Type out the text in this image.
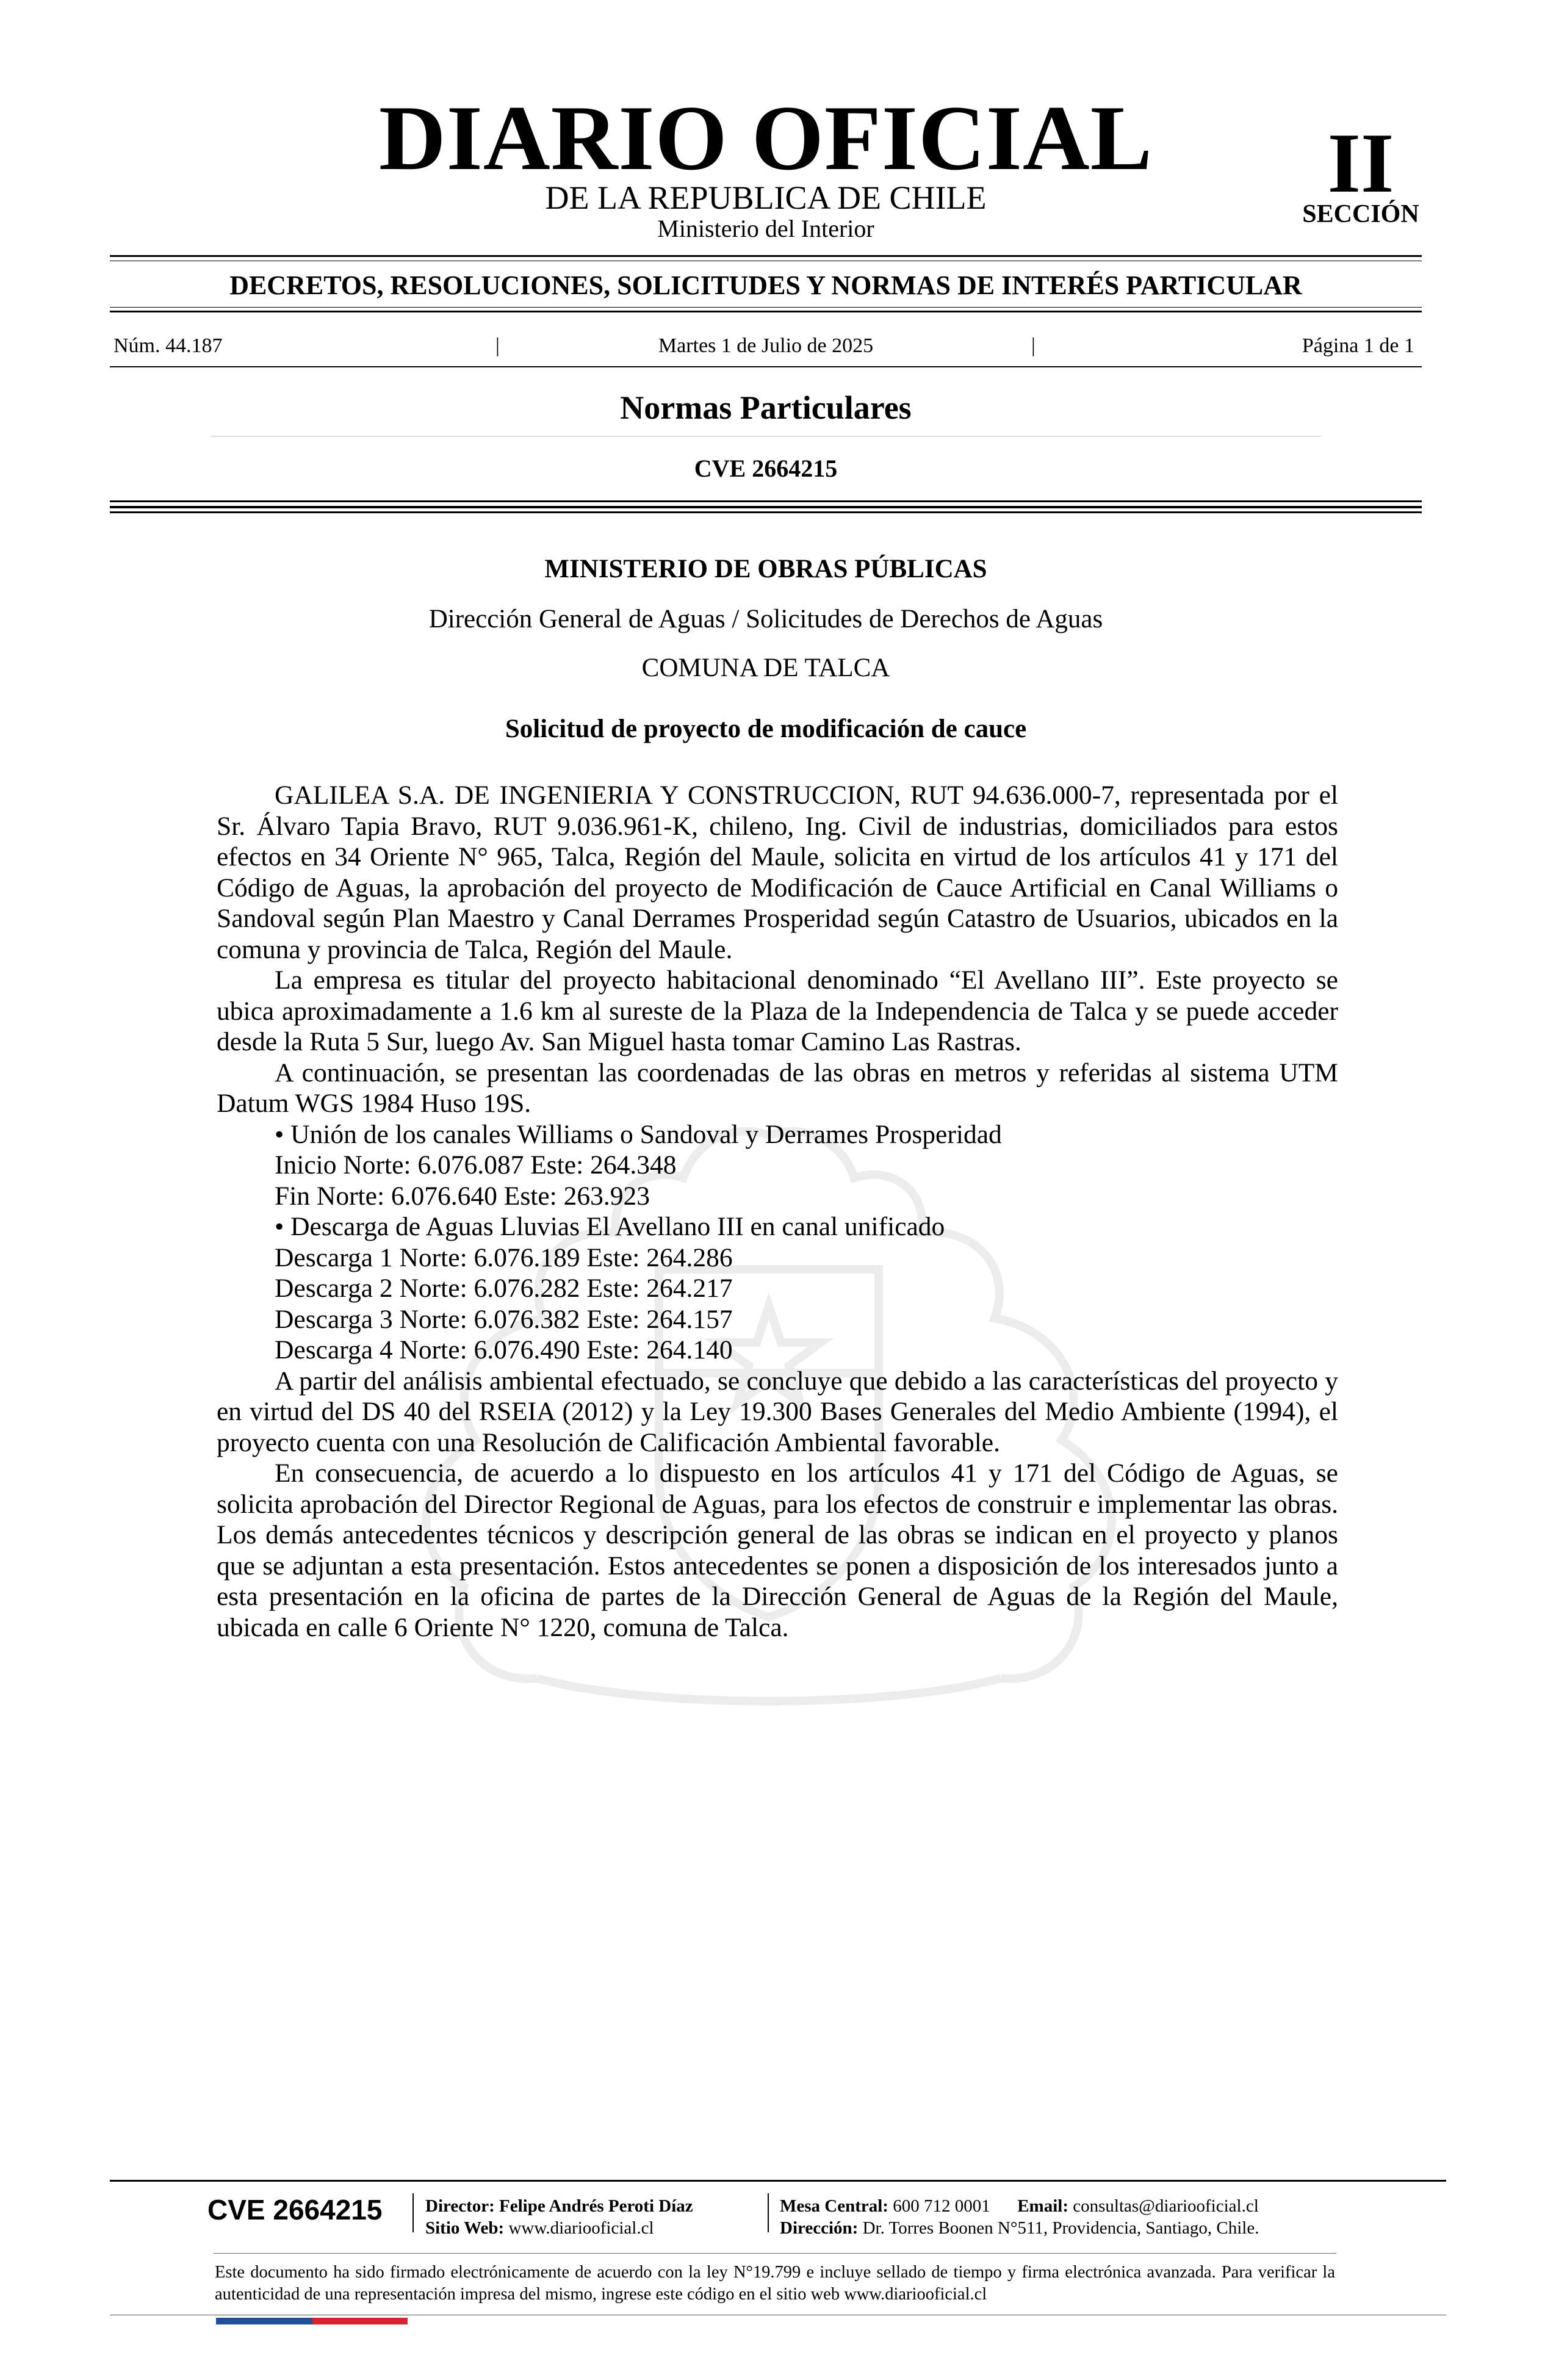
DIARIO OFICIAL
DE LA REPUBLICA DE CHILE
Ministerio del Interior
II
SECCIÓN
DECRETOS, RESOLUCIONES, SOLICITUDES Y NORMAS DE INTERÉS PARTICULAR
Núm. 44.187	|	Martes 1 de Julio de 2025	|	Página 1 de 1
Normas Particulares
CVE 2664215
MINISTERIO DE OBRAS PÚBLICAS
Dirección General de Aguas / Solicitudes de Derechos de Aguas
COMUNA DE TALCA
Solicitud de proyecto de modificación de cauce

GALILEA S.A. DE INGENIERIA Y CONSTRUCCION, RUT 94.636.000-7, representada por el Sr. Álvaro Tapia Bravo, RUT 9.036.961-K, chileno, Ing. Civil de industrias, domiciliados para estos efectos en 34 Oriente N° 965, Talca, Región del Maule, solicita en virtud de los artículos 41 y 171 del Código de Aguas, la aprobación del proyecto de Modificación de Cauce Artificial en Canal Williams o Sandoval según Plan Maestro y Canal Derrames Prosperidad según Catastro de Usuarios, ubicados en la comuna y provincia de Talca, Región del Maule.

La empresa es titular del proyecto habitacional denominado “El Avellano III”. Este proyecto se ubica aproximadamente a 1.6 km al sureste de la Plaza de la Independencia de Talca y se puede acceder desde la Ruta 5 Sur, luego Av. San Miguel hasta tomar Camino Las Rastras.

A continuación, se presentan las coordenadas de las obras en metros y referidas al sistema UTM Datum WGS 1984 Huso 19S.

• Unión de los canales Williams o Sandoval y Derrames Prosperidad
Inicio Norte: 6.076.087 Este: 264.348
Fin Norte: 6.076.640 Este: 263.923
• Descarga de Aguas Lluvias El Avellano III en canal unificado
Descarga 1 Norte: 6.076.189 Este: 264.286
Descarga 2 Norte: 6.076.282 Este: 264.217
Descarga 3 Norte: 6.076.382 Este: 264.157
Descarga 4 Norte: 6.076.490 Este: 264.140

A partir del análisis ambiental efectuado, se concluye que debido a las características del proyecto y en virtud del DS 40 del RSEIA (2012) y la Ley 19.300 Bases Generales del Medio Ambiente (1994), el proyecto cuenta con una Resolución de Calificación Ambiental favorable.

En consecuencia, de acuerdo a lo dispuesto en los artículos 41 y 171 del Código de Aguas, se solicita aprobación del Director Regional de Aguas, para los efectos de construir e implementar las obras. Los demás antecedentes técnicos y descripción general de las obras se indican en el proyecto y planos que se adjuntan a esta presentación. Estos antecedentes se ponen a disposición de los interesados junto a esta presentación en la oficina de partes de la Dirección General de Aguas de la Región del Maule, ubicada en calle 6 Oriente N° 1220, comuna de Talca.

CVE 2664215 Director: Felipe Andrés Peroti Díaz
Sitio Web: www.diariooficial.cl
Mesa Central: 600 712 0001 Email: consultas@diariooficial.cl
Dirección: Dr. Torres Boonen N°511, Providencia, Santiago, Chile.
Este documento ha sido firmado electrónicamente de acuerdo con la ley N°19.799 e incluye sellado de tiempo y firma electrónica avanzada. Para verificar la autenticidad de una representación impresa del mismo, ingrese este código en el sitio web www.diariooficial.cl
